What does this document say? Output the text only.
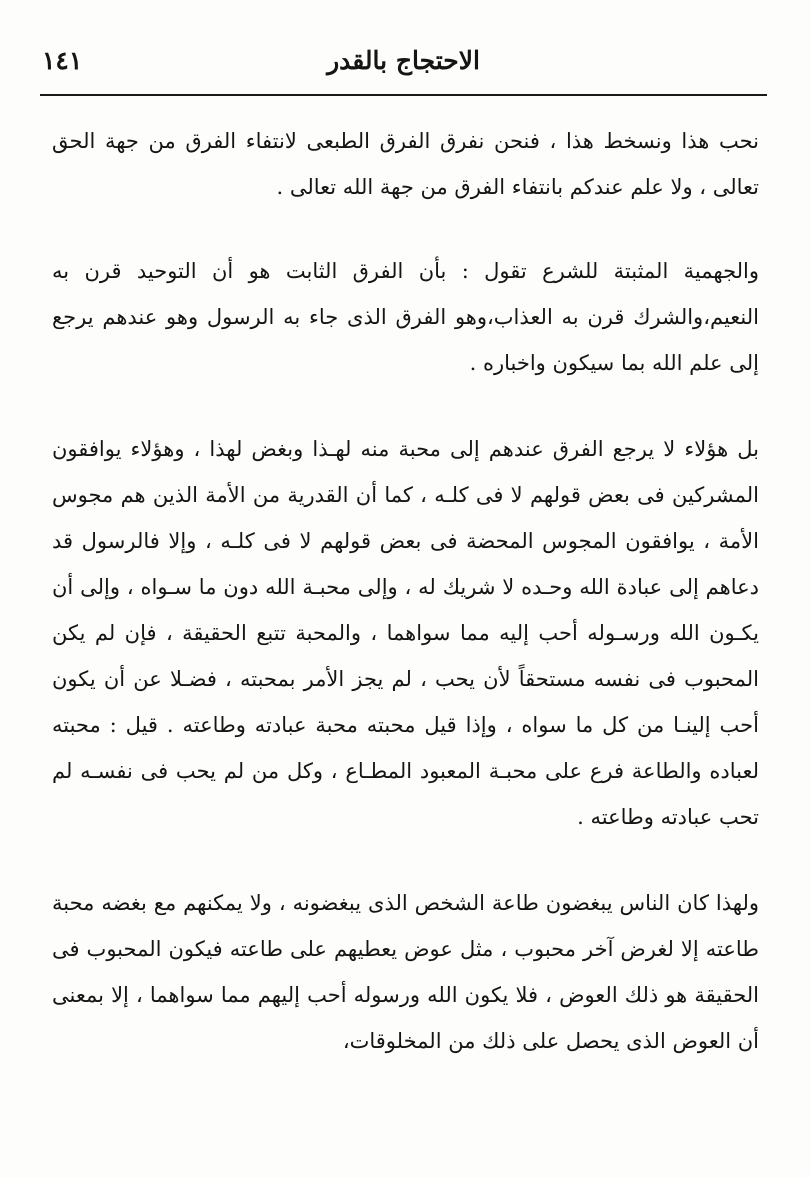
الاحتجاج بالقدر
١٤١

نحب هذا ونسخط هذا ، فنحن نفرق الفرق الطبعى لانتفاء الفرق من جهة الحق تعالى ، ولا علم عندكم بانتفاء الفرق من جهة الله تعالى .

والجهمية المثبتة للشرع تقول : بأن الفرق الثابت هو أن التوحيد قرن به النعيم،والشرك قرن به العذاب،وهو الفرق الذى جاء به الرسول وهو عندهم يرجع إلى علم الله بما سيكون واخباره .

بل هؤلاء لا يرجع الفرق عندهم إلى محبة منه لهـذا وبغض لهذا ، وهؤلاء يوافقون المشركين فى بعض قولهم لا فى كلـه ، كما أن القدرية من الأمة الذين هم مجوس الأمة ، يوافقون المجوس المحضة فى بعض قولهم لا فى كلـه ، وإلا فالرسول قد دعاهم إلى عبادة الله وحـده لا شريك له ، وإلى محبـة الله دون ما سـواه ، وإلى أن يكـون الله ورسـوله أحب إليه مما سواهما ، والمحبة تتبع الحقيقة ، فإن لم يكن المحبوب فى نفسه مستحقاً لأن يحب ، لم يجز الأمر بمحبته ، فضـلا عن أن يكون أحب إلينـا من كل ما سواه ، وإذا قيل محبته محبة عبادته وطاعته . قيل : محبته لعباده والطاعة فرع على محبـة المعبود المطـاع ، وكل من لم يحب فى نفسـه لم تحب عبادته وطاعته .

ولهذا كان الناس يبغضون طاعة الشخص الذى يبغضونه ، ولا يمكنهم مع بغضه محبة طاعته إلا لغرض آخر محبوب ، مثل عوض يعطيهم على طاعته فيكون المحبوب فى الحقيقة هو ذلك العوض ، فلا يكون الله ورسوله أحب إليهم مما سواهما ، إلا بمعنى أن العوض الذى يحصل على ذلك من المخلوقات،
